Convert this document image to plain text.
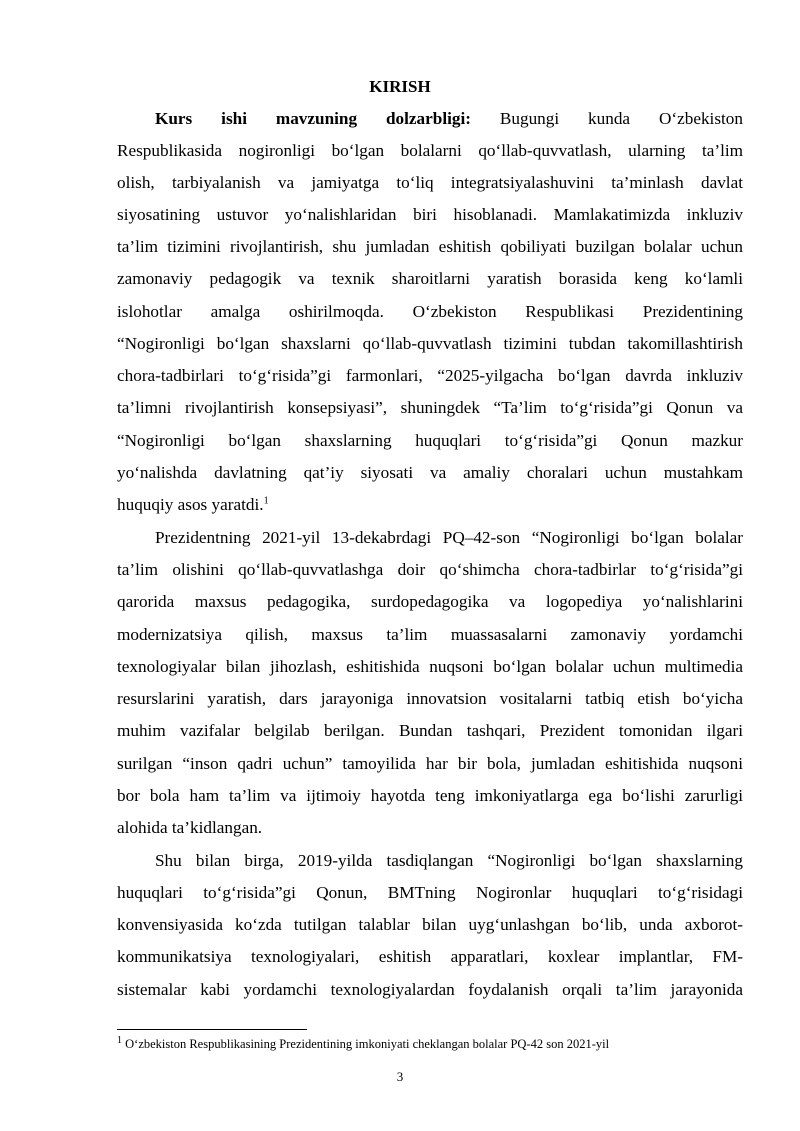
KIRISH
Kurs ishi mavzuning dolzarbligi: Bugungi kunda O‘zbekiston
Respublikasida nogironligi bo‘lgan bolalarni qo‘llab-quvvatlash, ularning ta’lim
olish, tarbiyalanish va jamiyatga to‘liq integratsiyalashuvini ta’minlash davlat
siyosatining ustuvor yo‘nalishlaridan biri hisoblanadi. Mamlakatimizda inkluziv
ta’lim tizimini rivojlantirish, shu jumladan eshitish qobiliyati buzilgan bolalar uchun
zamonaviy pedagogik va texnik sharoitlarni yaratish borasida keng ko‘lamli
islohotlar amalga oshirilmoqda. O‘zbekiston Respublikasi Prezidentining
“Nogironligi bo‘lgan shaxslarni qo‘llab-quvvatlash tizimini tubdan takomillashtirish
chora-tadbirlari to‘g‘risida”gi farmonlari, “2025-yilgacha bo‘lgan davrda inkluziv
ta’limni rivojlantirish konsepsiyasi”, shuningdek “Ta’lim to‘g‘risida”gi Qonun va
“Nogironligi bo‘lgan shaxslarning huquqlari to‘g‘risida”gi Qonun mazkur
yo‘nalishda davlatning qat’iy siyosati va amaliy choralari uchun mustahkam
huquqiy asos yaratdi.$^1$
Prezidentning 2021-yil 13-dekabrdagi PQ–42-son “Nogironligi bo‘lgan bolalar
ta’lim olishini qo‘llab-quvvatlashga doir qo‘shimcha chora-tadbirlar to‘g‘risida”gi
qarorida maxsus pedagogika, surdopedagogika va logopediya yo‘nalishlarini
modernizatsiya qilish, maxsus ta’lim muassasalarni zamonaviy yordamchi
texnologiyalar bilan jihozlash, eshitishida nuqsoni bo‘lgan bolalar uchun multimedia
resurslarini yaratish, dars jarayoniga innovatsion vositalarni tatbiq etish bo‘yicha
muhim vazifalar belgilab berilgan. Bundan tashqari, Prezident tomonidan ilgari
surilgan “inson qadri uchun” tamoyilida har bir bola, jumladan eshitishida nuqsoni
bor bola ham ta’lim va ijtimoiy hayotda teng imkoniyatlarga ega bo‘lishi zarurligi
alohida ta’kidlangan.
Shu bilan birga, 2019-yilda tasdiqlangan “Nogironligi bo‘lgan shaxslarning
huquqlari to‘g‘risida”gi Qonun, BMTning Nogironlar huquqlari to‘g‘risidagi
konvensiyasida ko‘zda tutilgan talablar bilan uyg‘unlashgan bo‘lib, unda axborot-
kommunikatsiya texnologiyalari, eshitish apparatlari, koxlear implantlar, FM-
sistemalar kabi yordamchi texnologiyalardan foydalanish orqali ta’lim jarayonida
$^1$ O‘zbekiston Respublikasining Prezidentining imkoniyati cheklangan bolalar PQ-42 son 2021-yil
3
